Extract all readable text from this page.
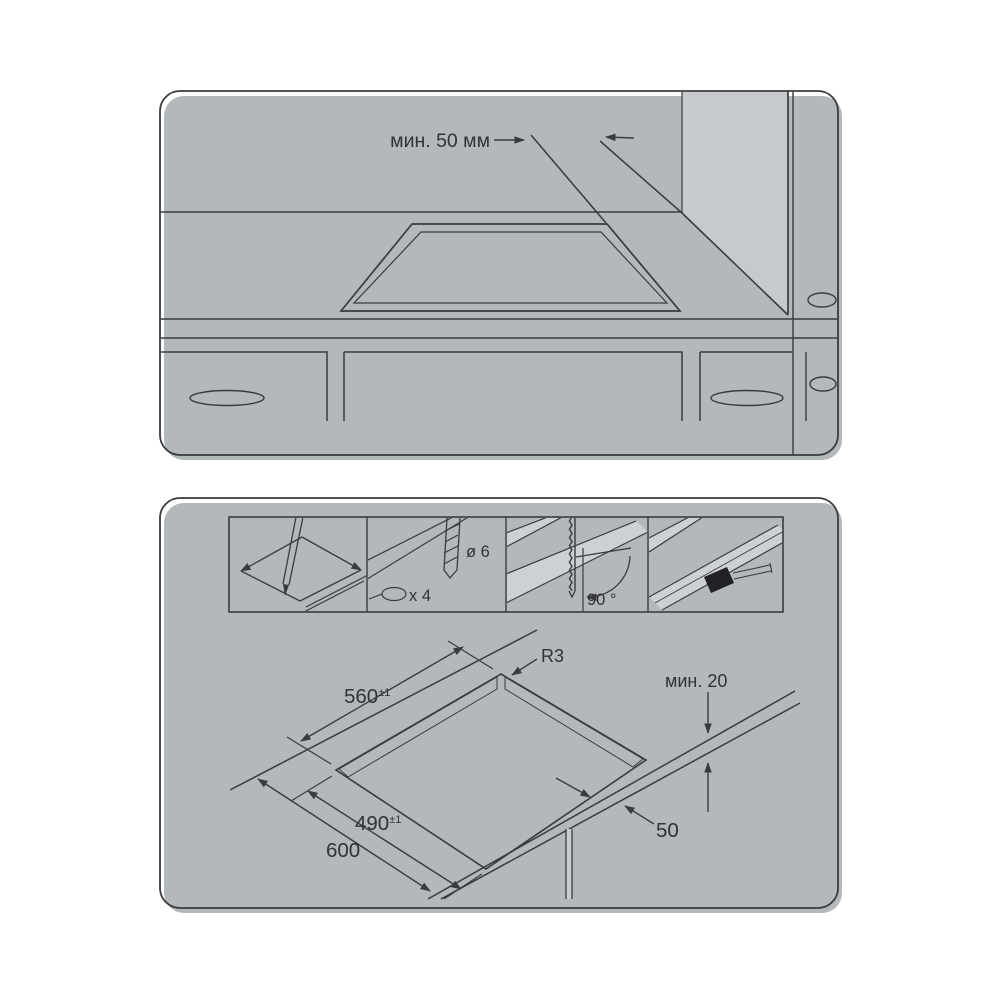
мин. 50 мм
ø 6
x 4	90 °
R3
$560^{\pm 1}$
$490^{\pm 1}$
600
50
мин. 20
